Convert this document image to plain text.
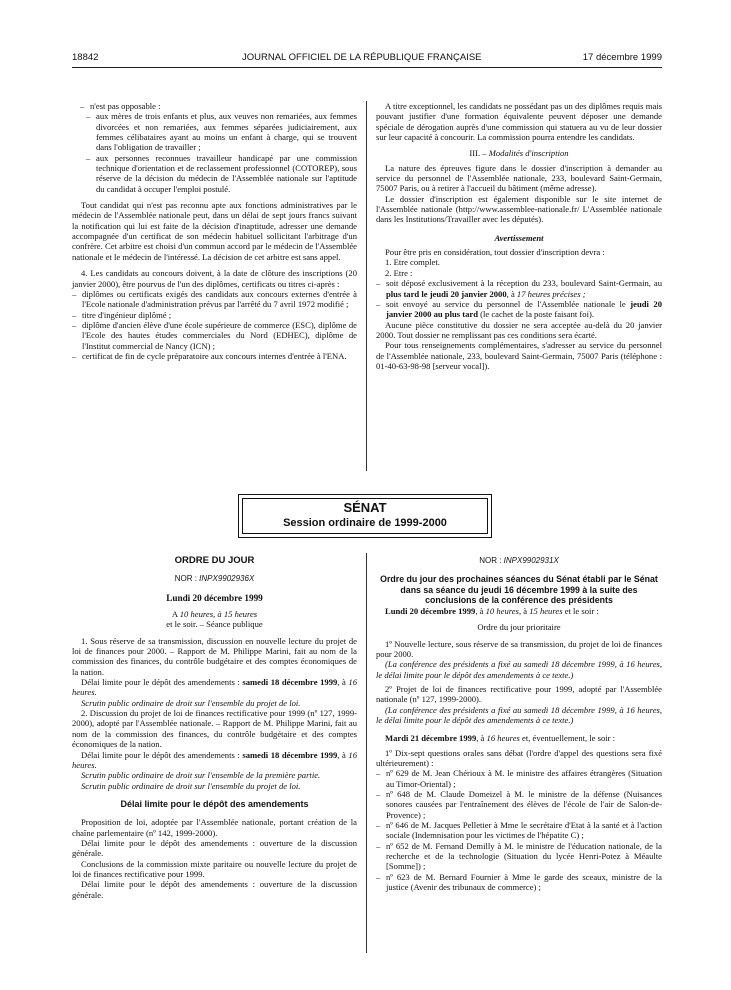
18842	JOURNAL OFFICIEL DE LA RÉPUBLIQUE FRANÇAISE	17 décembre 1999

– n'est pas opposable :

– aux mères de trois enfants et plus, aux veuves non remariées, aux femmes divorcées et non remariées, aux femmes séparées judiciairement, aux femmes célibataires ayant au moins un enfant à charge, qui se trouvent dans l'obligation de travailler ;

– aux personnes reconnues travailleur handicapé par une commission technique d'orientation et de reclassement professionnel (COTOREP), sous réserve de la décision du médecin de l'Assemblée nationale sur l'aptitude du candidat à occuper l'emploi postulé.

Tout candidat qui n'est pas reconnu apte aux fonctions administratives par le médecin de l'Assemblée nationale peut, dans un délai de sept jours francs suivant la notification qui lui est faite de la décision d'inaptitude, adresser une demande accompagnée d'un certificat de son médecin habituel sollicitant l'arbitrage d'un confrère. Cet arbitre est choisi d'un commun accord par le médecin de l'Assemblée nationale et le médecin de l'intéressé. La décision de cet arbitre est sans appel.

4. Les candidats au concours doivent, à la date de clôture des inscriptions (20 janvier 2000), être pourvus de l'un des diplômes, certificats ou titres ci-après :

– diplômes ou certificats exigés des candidats aux concours externes d'entrée à l'Ecole nationale d'administration prévus par l'arrêté du 7 avril 1972 modifié ;

– titre d'ingénieur diplômé ;

– diplôme d'ancien élève d'une école supérieure de commerce (ESC), diplôme de l'Ecole des hautes études commerciales du Nord (EDHEC), diplôme de l'Institut commercial de Nancy (ICN) ;

– certificat de fin de cycle préparatoire aux concours internes d'entrée à l'ENA.

A titre exceptionnel, les candidats ne possédant pas un des diplômes requis mais pouvant justifier d'une formation équivalente peuvent déposer une demande spéciale de dérogation auprès d'une commission qui statuera au vu de leur dossier sur leur capacité à concourir. La commission pourra entendre les candidats.

III. – Modalités d'inscription

La nature des épreuves figure dans le dossier d'inscription à demander au service du personnel de l'Assemblée nationale, 233, boulevard Saint-Germain, 75007 Paris, ou à retirer à l'accueil du bâtiment (même adresse).

Le dossier d'inscription est également disponible sur le site internet de l'Assemblée nationale (http://www.assemblee-nationale.fr/ L'Assemblée nationale dans les Institutions/Travailler avec les députés).

Avertissement

Pour être pris en considération, tout dossier d'inscription devra :

1. Etre complet.

2. Etre :

– soit déposé exclusivement à la réception du 233, boulevard Saint-Germain, au plus tard le jeudi 20 janvier 2000, à 17 heures précises ;

– soit envoyé au service du personnel de l'Assemblée nationale le jeudi 20 janvier 2000 au plus tard (le cachet de la poste faisant foi).

Aucune pièce constitutive du dossier ne sera acceptée au-delà du 20 janvier 2000. Tout dossier ne remplissant pas ces conditions sera écarté.

Pour tous renseignements complémentaires, s'adresser au service du personnel de l'Assemblée nationale, 233, boulevard Saint-Germain, 75007 Paris (téléphone : 01-40-63-98-98 [serveur vocal]).

SÉNAT
Session ordinaire de 1999-2000
ORDRE DU JOUR
NOR : INPX9902936X

Lundi 20 décembre 1999

A 10 heures, à 15 heures

et le soir. – Séance publique

1. Sous réserve de sa transmission, discussion en nouvelle lecture du projet de loi de finances pour 2000. – Rapport de M. Philippe Marini, fait au nom de la commission des finances, du contrôle budgétaire et des comptes économiques de la nation.

Délai limite pour le dépôt des amendements : samedi 18 décembre 1999, à 16 heures.

Scrutin public ordinaire de droit sur l'ensemble du projet de loi.

2. Discussion du projet de loi de finances rectificative pour 1999 (nº 127, 1999-2000), adopté par l'Assemblée nationale. – Rapport de M. Philippe Marini, fait au nom de la commission des finances, du contrôle budgétaire et des comptes économiques de la nation.

Délai limite pour le dépôt des amendements : samedi 18 décembre 1999, à 16 heures.

Scrutin public ordinaire de droit sur l'ensemble de la première partie.

Scrutin public ordinaire de droit sur l'ensemble du projet de loi.

Délai limite pour le dépôt des amendements

Proposition de loi, adoptée par l'Assemblée nationale, portant création de la chaîne parlementaire (nº 142, 1999-2000).

Délai limite pour le dépôt des amendements : ouverture de la discussion générale.

Conclusions de la commission mixte paritaire ou nouvelle lecture du projet de loi de finances rectificative pour 1999.

Délai limite pour le dépôt des amendements : ouverture de la discussion générale.

NOR : INPX9902931X

Ordre du jour des prochaines séances du Sénat établi par le Sénat dans sa séance du jeudi 16 décembre 1999 à la suite des conclusions de la conférence des présidents

Lundi 20 décembre 1999, à 10 heures, à 15 heures et le soir :

Ordre du jour prioritaire

1º Nouvelle lecture, sous réserve de sa transmission, du projet de loi de finances pour 2000.

(La conférence des présidents a fixé au samedi 18 décembre 1999, à 16 heures, le délai limite pour le dépôt des amendements à ce texte.)

2º Projet de loi de finances rectificative pour 1999, adopté par l'Assemblée nationale (nº 127, 1999-2000).

(La conférence des présidents a fixé au samedi 18 décembre 1999, à 16 heures, le délai limite pour le dépôt des amendements à ce texte.)

Mardi 21 décembre 1999, à 16 heures et, éventuellement, le soir :

1º Dix-sept questions orales sans débat (l'ordre d'appel des questions sera fixé ultérieurement) :

– nº 629 de M. Jean Chérioux à M. le ministre des affaires étrangères (Situation au Timor-Oriental) ;

– nº 648 de M. Claude Domeizel à M. le ministre de la défense (Nuisances sonores causées par l'entraînement des élèves de l'école de l'air de Salon-de-Provence) ;

– nº 646 de M. Jacques Pelletier à Mme le secrétaire d'Etat à la santé et à l'action sociale (Indemnisation pour les victimes de l'hépatite C) ;

– nº 652 de M. Fernand Demilly à M. le ministre de l'éducation nationale, de la recherche et de la technologie (Situation du lycée Henri-Potez à Méaulte [Somme]) ;

– nº 623 de M. Bernard Fournier à Mme le garde des sceaux, ministre de la justice (Avenir des tribunaux de commerce) ;
